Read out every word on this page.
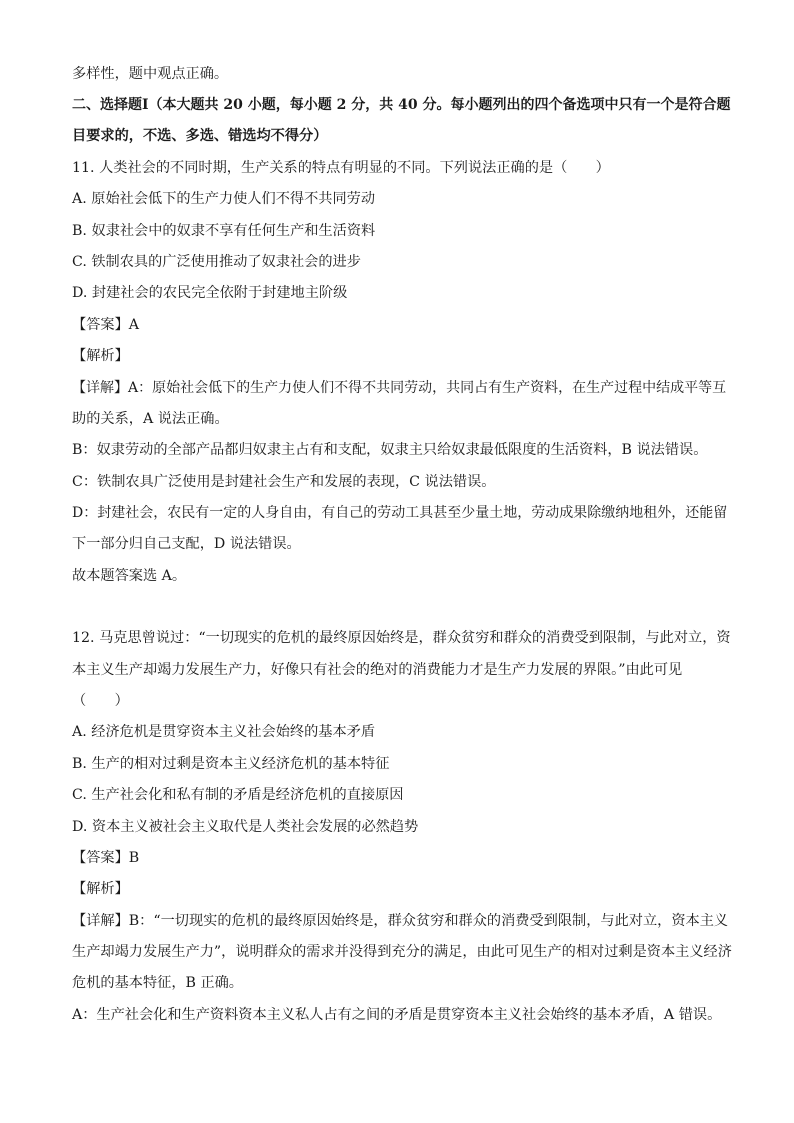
多样性，题中观点正确。
二、选择题Ⅰ（本大题共 20 小题，每小题 2 分，共 40 分。每小题列出的四个备选项中只有一个是符合题
目要求的，不选、多选、错选均不得分）
11. 人类社会的不同时期，生产关系的特点有明显的不同。下列说法正确的是（　　）
A. 原始社会低下的生产力使人们不得不共同劳动
B. 奴隶社会中的奴隶不享有任何生产和生活资料
C. 铁制农具的广泛使用推动了奴隶社会的进步
D. 封建社会的农民完全依附于封建地主阶级
【答案】A
【解析】
【详解】A：原始社会低下的生产力使人们不得不共同劳动，共同占有生产资料，在生产过程中结成平等互
助的关系，A 说法正确。
B：奴隶劳动的全部产品都归奴隶主占有和支配，奴隶主只给奴隶最低限度的生活资料，B 说法错误。
C：铁制农具广泛使用是封建社会生产和发展的表现，C 说法错误。
D：封建社会，农民有一定的人身自由，有自己的劳动工具甚至少量土地，劳动成果除缴纳地租外，还能留
下一部分归自己支配，D 说法错误。
故本题答案选 A。
12. 马克思曾说过：“一切现实的危机的最终原因始终是，群众贫穷和群众的消费受到限制，与此对立，资
本主义生产却竭力发展生产力，好像只有社会的绝对的消费能力才是生产力发展的界限。”由此可见
（　　）
A. 经济危机是贯穿资本主义社会始终的基本矛盾
B. 生产的相对过剩是资本主义经济危机的基本特征
C. 生产社会化和私有制的矛盾是经济危机的直接原因
D. 资本主义被社会主义取代是人类社会发展的必然趋势
【答案】B
【解析】
【详解】B：“一切现实的危机的最终原因始终是，群众贫穷和群众的消费受到限制，与此对立，资本主义
生产却竭力发展生产力”，说明群众的需求并没得到充分的满足，由此可见生产的相对过剩是资本主义经济
危机的基本特征，B 正确。
A：生产社会化和生产资料资本主义私人占有之间的矛盾是贯穿资本主义社会始终的基本矛盾，A 错误。
